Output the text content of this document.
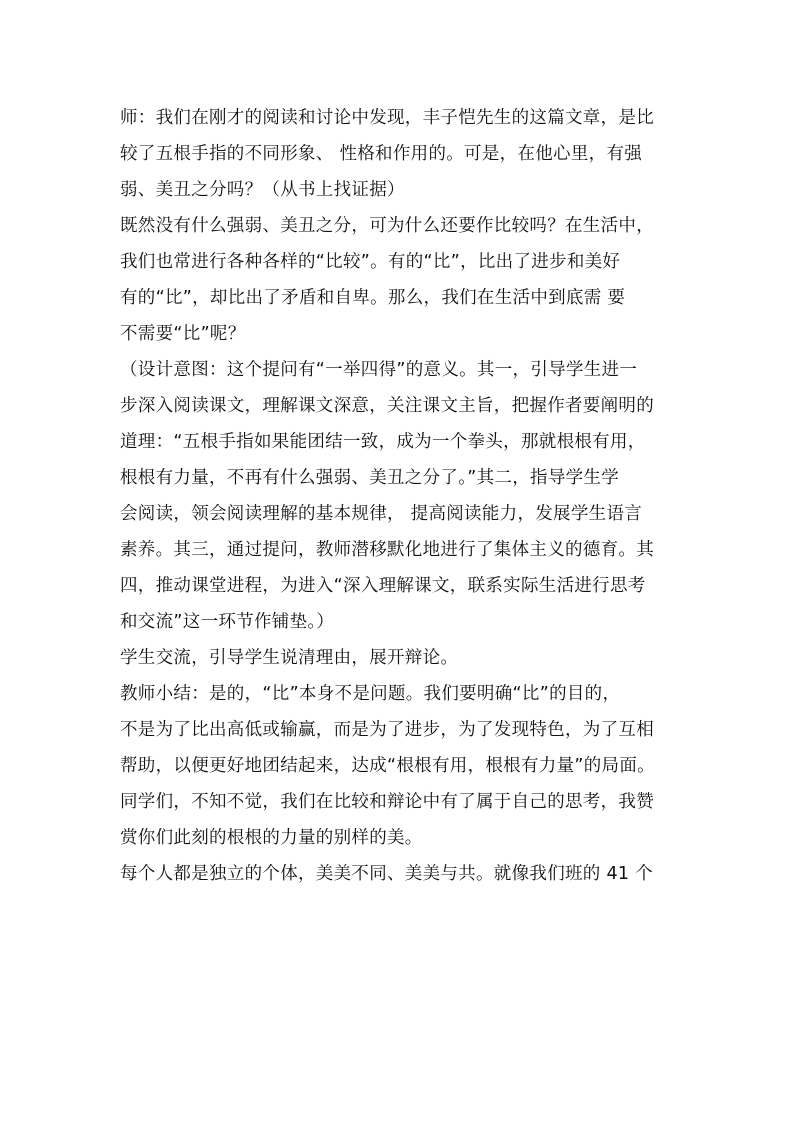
师：我们在刚才的阅读和讨论中发现，丰子恺先生的这篇文章，是比
较了五根手指的不同形象、 性格和作用的。可是，在他心里，有强
弱、美丑之分吗？（从书上找证据）
既然没有什么强弱、美丑之分，可为什么还要作比较吗？在生活中，
我们也常进行各种各样的“比较”。有的“比”，比出了进步和美好
有的“比”，却比出了矛盾和自卑。那么，我们在生活中到底需 要
不需要“比”呢？
（设计意图：这个提问有“一举四得”的意义。其一，引导学生进一
步深入阅读课文，理解课文深意，关注课文主旨，把握作者要阐明的
道理：“五根手指如果能团结一致，成为一个拳头，那就根根有用，
根根有力量，不再有什么强弱、美丑之分了。”其二，指导学生学
会阅读，领会阅读理解的基本规律， 提高阅读能力，发展学生语言
素养。其三，通过提问，教师潜移默化地进行了集体主义的德育。其
四，推动课堂进程，为进入“深入理解课文，联系实际生活进行思考
和交流”这一环节作铺垫。）
学生交流，引导学生说清理由，展开辩论。
教师小结：是的，“比”本身不是问题。我们要明确“比”的目的，
不是为了比出高低或输赢，而是为了进步，为了发现特色，为了互相
帮助，以便更好地团结起来，达成“根根有用，根根有力量”的局面。
同学们，不知不觉，我们在比较和辩论中有了属于自己的思考，我赞
赏你们此刻的根根的力量的别样的美。
每个人都是独立的个体，美美不同、美美与共。就像我们班的 41 个
